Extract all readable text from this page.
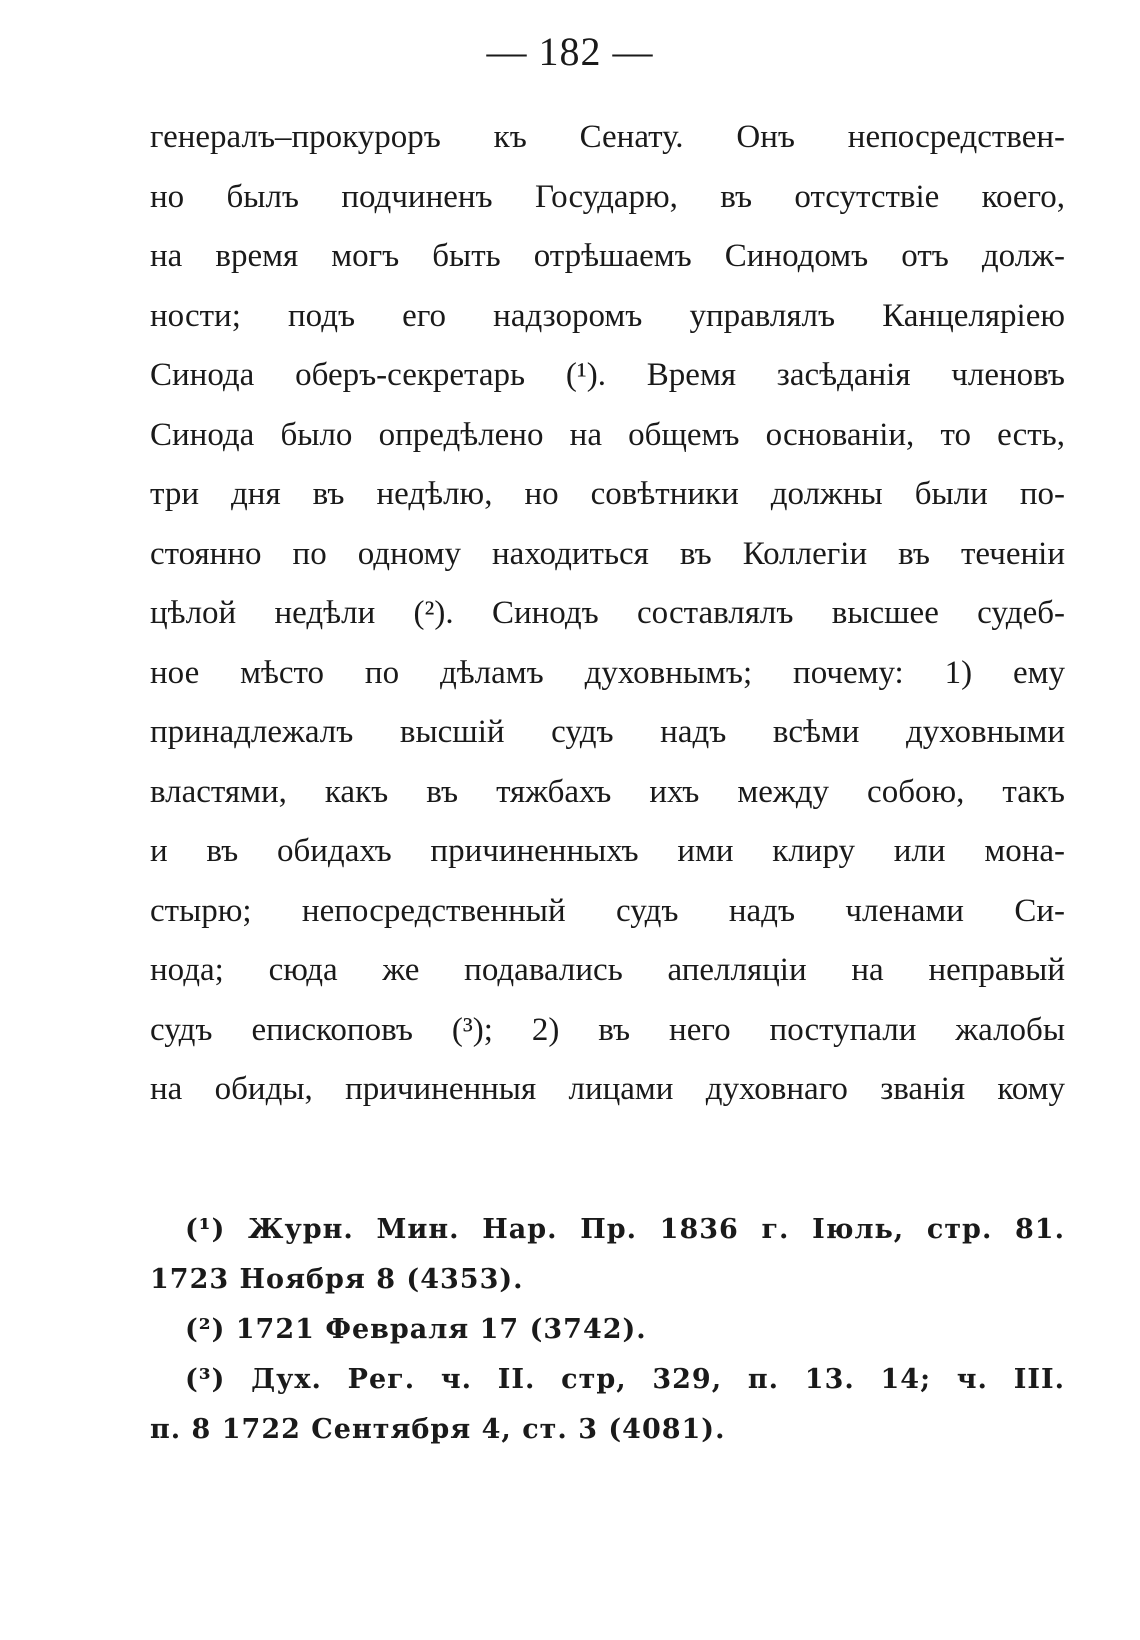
— 182 —
генералъ–прокуроръ къ Сенату. Онъ непосредствен-
но былъ подчиненъ Государю, въ отсутствіе коего,
на время могъ быть отрѣшаемъ Синодомъ отъ долж-
ности; подъ его надзоромъ управлялъ Канцеляріею
Синода оберъ-секретарь (¹). Время засѣданія членовъ
Синода было опредѣлено на общемъ основаніи, то есть,
три дня въ недѣлю, но совѣтники должны были по-
стоянно по одному находиться въ Коллегіи въ теченіи
цѣлой недѣли (²). Синодъ составлялъ высшее судеб-
ное мѣсто по дѣламъ духовнымъ; почему: 1) ему
принадлежалъ высшій судъ надъ всѣми духовными
властями, какъ въ тяжбахъ ихъ между собою, такъ
и въ обидахъ причиненныхъ ими клиру или мона-
стырю; непосредственный судъ надъ членами Си-
нода; сюда же подавались апелляціи на неправый
судъ епископовъ (³); 2) въ него поступали жалобы
на обиды, причиненныя лицами духовнаго званія кому
(¹) Журн. Мин. Нар. Пр. 1836 г. Іюль, стр. 81.
1723 Ноября 8 (4353).
(²) 1721 Февраля 17 (3742).
(³) Дух. Рег. ч. II. стр, 329, п. 13. 14; ч. III.
п. 8 1722 Сентября 4, ст. 3 (4081).
